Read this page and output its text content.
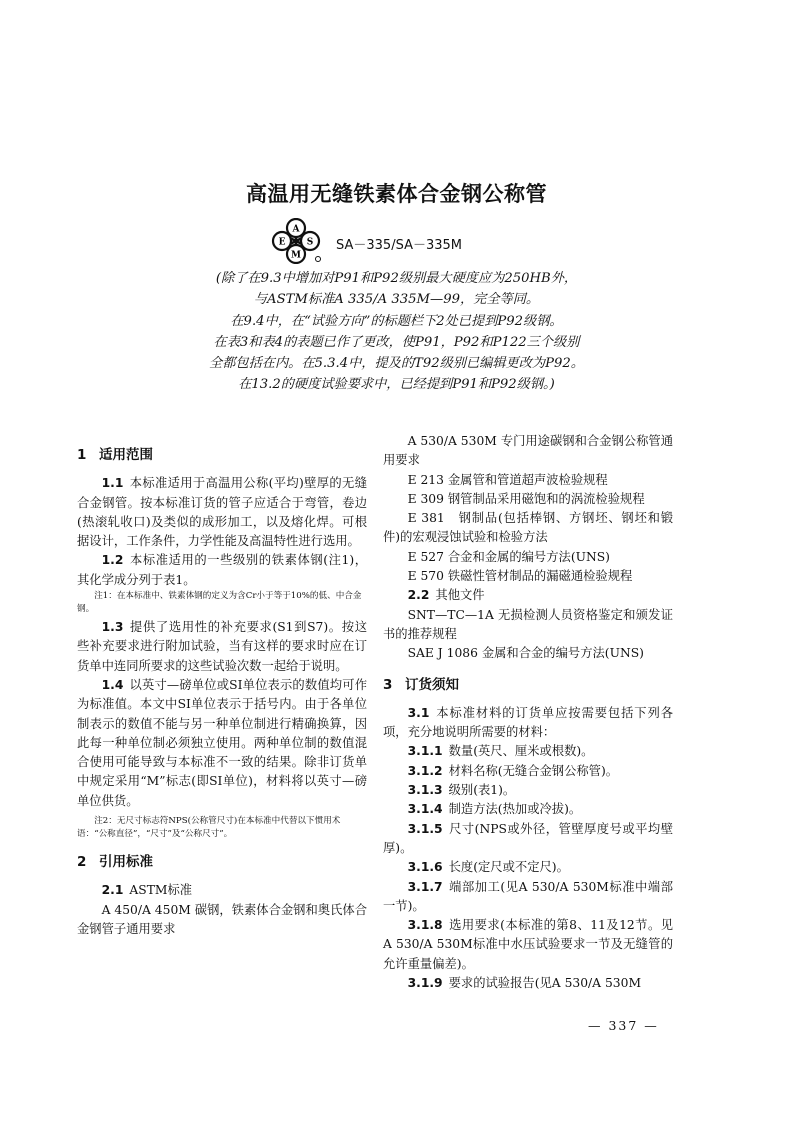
高温用无缝铁素体合金钢公称管
A
E S
M
SA－335/SA－335M
(除了在9.3中增加对P91和P92级别最大硬度应为250HB外，
与ASTM标准A 335/A 335M—99，完全等同。
在9.4中，在“试验方向”的标题栏下2处已提到P92级钢。
在表3和表4的表题已作了更改，使P91，P92和P122三个级别
全都包括在内。在5.3.4中，提及的T92级别已编辑更改为P92。
在13.2的硬度试验要求中，已经提到P91和P92级钢。)
1 适用范围

1.1 本标准适用于高温用公称(平均)壁厚的无缝合金钢管。按本标准订货的管子应适合于弯管，卷边(热滚轧收口)及类似的成形加工，以及熔化焊。可根据设计，工作条件，力学性能及高温特性进行选用。

1.2 本标准适用的一些级别的铁素体钢(注1)，其化学成分列于表1。

注1：在本标准中、铁素体钢的定义为含Cr小于等于10%的低、中合金钢。

1.3 提供了选用性的补充要求(S1到S7)。按这些补充要求进行附加试验，当有这样的要求时应在订货单中连同所要求的这些试验次数一起给于说明。

1.4 以英寸—磅单位或SI单位表示的数值均可作为标准值。本文中SI单位表示于括号内。由于各单位制表示的数值不能与另一种单位制进行精确换算，因此每一种单位制必须独立使用。两种单位制的数值混合使用可能导致与本标准不一致的结果。除非订货单中规定采用“M”标志(即SI单位)，材料将以英寸—磅单位供货。

注2：无尺寸标志符NPS(公称管尺寸)在本标准中代替以下惯用术语：“公称直径”，“尺寸”及“公称尺寸”。

2 引用标准

2.1 ASTM标准

A 450/A 450M 碳钢，铁素体合金钢和奥氏体合金钢管子通用要求

A 530/A 530M 专门用途碳钢和合金钢公称管通用要求

E 213 金属管和管道超声波检验规程

E 309 钢管制品采用磁饱和的涡流检验规程

E 381　钢制品(包括棒钢、方钢坯、钢坯和锻件)的宏观浸蚀试验和检验方法

E 527 合金和金属的编号方法(UNS)

E 570 铁磁性管材制品的漏磁通检验规程

2.2 其他文件

SNT—TC—1A 无损检测人员资格鉴定和颁发证书的推荐规程

SAE J 1086 金属和合金的编号方法(UNS)

3 订货须知

3.1 本标准材料的订货单应按需要包括下列各项，充分地说明所需要的材料：

3.1.1 数量(英尺、厘米或根数)。

3.1.2 材料名称(无缝合金钢公称管)。

3.1.3 级别(表1)。

3.1.4 制造方法(热加或冷拔)。

3.1.5 尺寸(NPS或外径，管壁厚度号或平均壁厚)。

3.1.6 长度(定尺或不定尺)。

3.1.7 端部加工(见A 530/A 530M标准中端部一节)。

3.1.8 选用要求(本标准的第8、11及12节。见A 530/A 530M标准中水压试验要求一节及无缝管的允许重量偏差)。

3.1.9 要求的试验报告(见A 530/A 530M

— 337 —
